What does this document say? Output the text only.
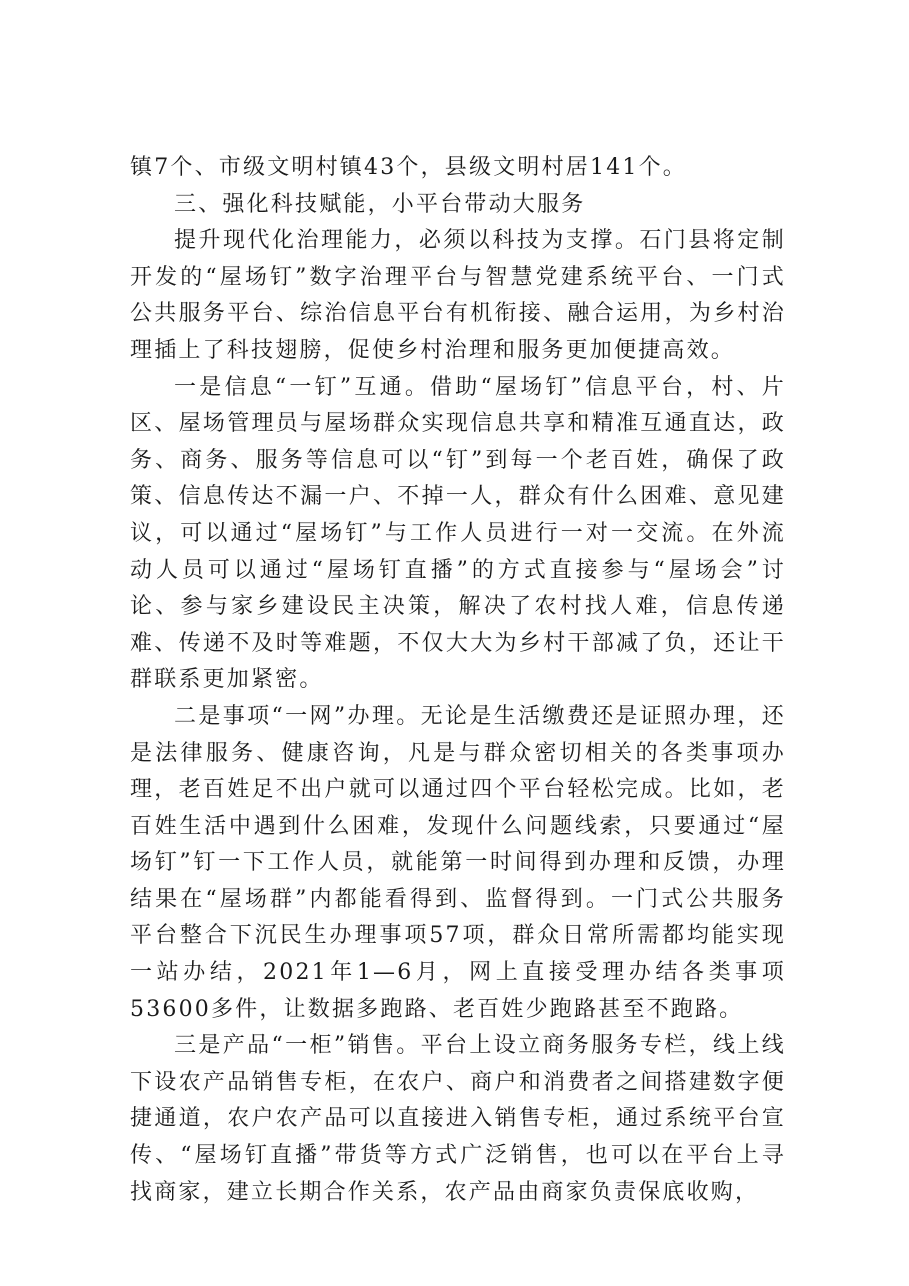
镇7个、市级文明村镇43个，县级文明村居141个。

三、强化科技赋能，小平台带动大服务

提升现代化治理能力，必须以科技为支撑。石门县将定制开发的“屋场钉”数字治理平台与智慧党建系统平台、一门式公共服务平台、综治信息平台有机衔接、融合运用，为乡村治理插上了科技翅膀，促使乡村治理和服务更加便捷高效。

一是信息“一钉”互通。借助“屋场钉”信息平台，村、片区、屋场管理员与屋场群众实现信息共享和精准互通直达，政务、商务、服务等信息可以“钉”到每一个老百姓，确保了政策、信息传达不漏一户、不掉一人，群众有什么困难、意见建议，可以通过“屋场钉”与工作人员进行一对一交流。在外流动人员可以通过“屋场钉直播”的方式直接参与“屋场会”讨论、参与家乡建设民主决策，解决了农村找人难，信息传递难、传递不及时等难题，不仅大大为乡村干部减了负，还让干群联系更加紧密。

二是事项“一网”办理。无论是生活缴费还是证照办理，还是法律服务、健康咨询，凡是与群众密切相关的各类事项办理，老百姓足不出户就可以通过四个平台轻松完成。比如，老百姓生活中遇到什么困难，发现什么问题线索，只要通过“屋场钉”钉一下工作人员，就能第一时间得到办理和反馈，办理结果在“屋场群”内都能看得到、监督得到。一门式公共服务平台整合下沉民生办理事项57项，群众日常所需都均能实现一站办结，2021年1—6月，网上直接受理办结各类事项53600多件，让数据多跑路、老百姓少跑路甚至不跑路。

三是产品“一柜”销售。平台上设立商务服务专栏，线上线下设农产品销售专柜，在农户、商户和消费者之间搭建数字便捷通道，农户农产品可以直接进入销售专柜，通过系统平台宣传、“屋场钉直播”带货等方式广泛销售，也可以在平台上寻找商家，建立长期合作关系，农产品由商家负责保底收购，
